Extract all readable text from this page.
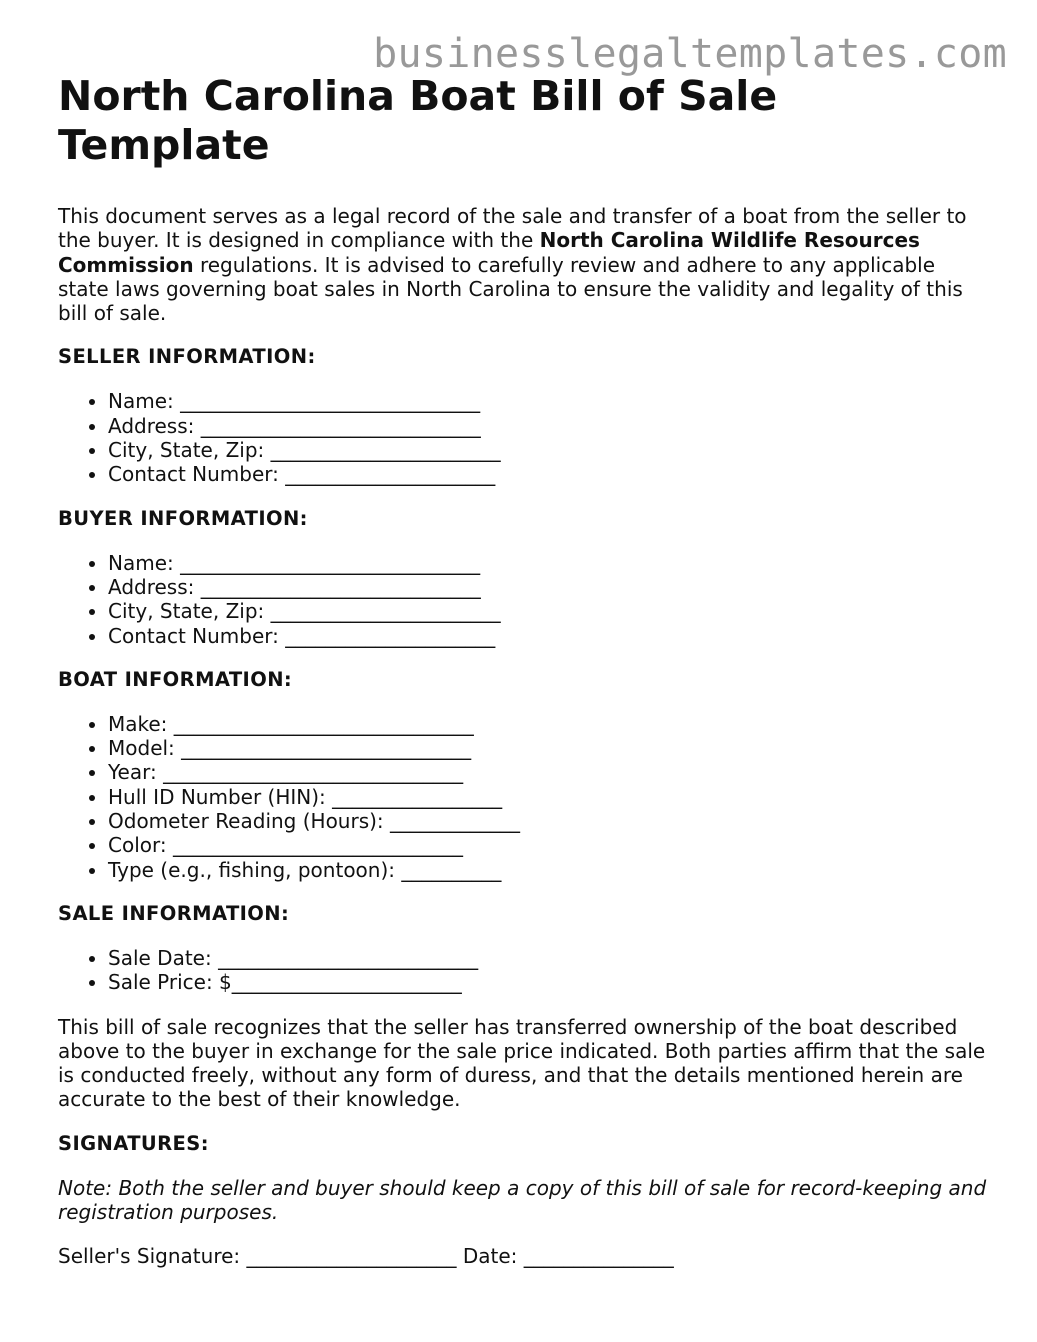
businesslegaltemplates.com
North Carolina Boat Bill of Sale Template

This document serves as a legal record of the sale and transfer of a boat from the seller to the buyer. It is designed in compliance with the North Carolina Wildlife Resources Commission regulations. It is advised to carefully review and adhere to any applicable state laws governing boat sales in North Carolina to ensure the validity and legality of this bill of sale.

SELLER INFORMATION:

• Name: ______________________________
• Address: ____________________________
• City, State, Zip: _______________________
• Contact Number: _____________________

BUYER INFORMATION:

• Name: ______________________________
• Address: ____________________________
• City, State, Zip: _______________________
• Contact Number: _____________________

BOAT INFORMATION:

• Make: ______________________________
• Model: _____________________________
• Year: ______________________________
• Hull ID Number (HIN): _________________
• Odometer Reading (Hours): _____________
• Color: _____________________________
• Type (e.g., fishing, pontoon): __________

SALE INFORMATION:

• Sale Date: __________________________
• Sale Price: $_______________________

This bill of sale recognizes that the seller has transferred ownership of the boat described above to the buyer in exchange for the sale price indicated. Both parties affirm that the sale is conducted freely, without any form of duress, and that the details mentioned herein are accurate to the best of their knowledge.

SIGNATURES:

Note: Both the seller and buyer should keep a copy of this bill of sale for record-keeping and registration purposes.

Seller's Signature: _____________________ Date: _______________
